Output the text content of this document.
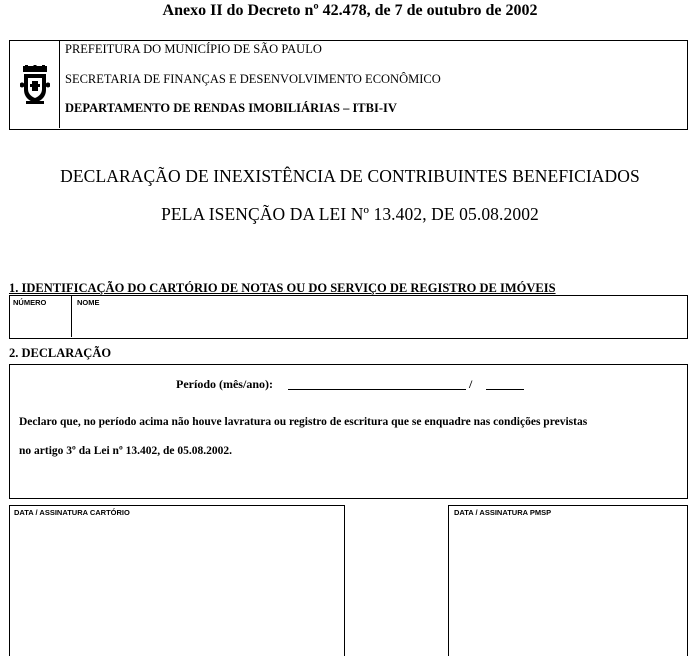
Anexo II do Decreto nº 42.478, de 7 de outubro de 2002
PREFEITURA DO MUNICÍPIO DE SÃO PAULO
SECRETARIA DE FINANÇAS E DESENVOLVIMENTO ECONÔMICO
DEPARTAMENTO DE RENDAS IMOBILIÁRIAS – ITBI-IV
DECLARAÇÃO DE INEXISTÊNCIA DE CONTRIBUINTES BENEFICIADOS
PELA ISENÇÃO DA LEI Nº 13.402, DE 05.08.2002
1. IDENTIFICAÇÃO DO CARTÓRIO DE NOTAS OU DO SERVIÇO DE REGISTRO DE IMÓVEIS
NÚMERO	NOME
2. DECLARAÇÃO
Período (mês/ano):	/
Declaro que, no período acima não houve lavratura ou registro de escritura que se enquadre nas condições previstas
no artigo 3º da Lei nº 13.402, de 05.08.2002.
DATA / ASSINATURA CARTÓRIO	DATA / ASSINATURA PMSP
